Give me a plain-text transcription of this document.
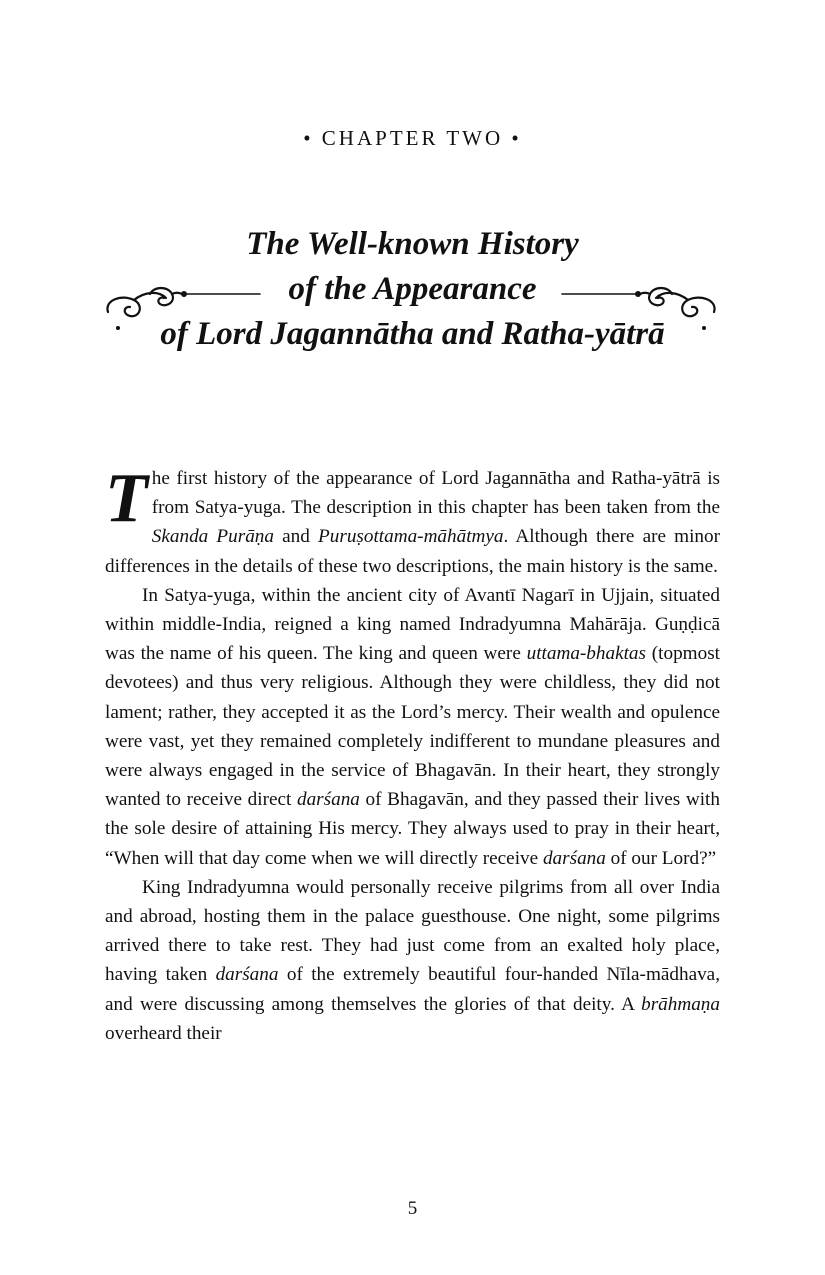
• CHAPTER TWO •
The Well-known History
of the Appearance
of Lord Jagannātha and Ratha-yātrā

The first history of the appearance of Lord Jagannātha and Ratha-yātrā is from Satya-yuga. The description in this chapter has been taken from the Skanda Purāṇa and Puruṣottama-māhātmya. Although there are minor differences in the details of these two descriptions, the main history is the same.

In Satya-yuga, within the ancient city of Avantī Nagarī in Ujjain, situated within middle-India, reigned a king named Indradyumna Mahārāja. Guṇḍicā was the name of his queen. The king and queen were uttama-bhaktas (topmost devotees) and thus very religious. Although they were childless, they did not lament; rather, they accepted it as the Lord’s mercy. Their wealth and opulence were vast, yet they remained completely indifferent to mundane pleasures and were always engaged in the service of Bhagavān. In their heart, they strongly wanted to receive direct darśana of Bhagavān, and they passed their lives with the sole desire of attaining His mercy. They always used to pray in their heart, “When will that day come when we will directly receive darśana of our Lord?”

King Indradyumna would personally receive pilgrims from all over India and abroad, hosting them in the palace guesthouse. One night, some pilgrims arrived there to take rest. They had just come from an exalted holy place, having taken darśana of the extremely beautiful four-handed Nīla-mādhava, and were discussing among themselves the glories of that deity. A brāhmaṇa overheard their

5
